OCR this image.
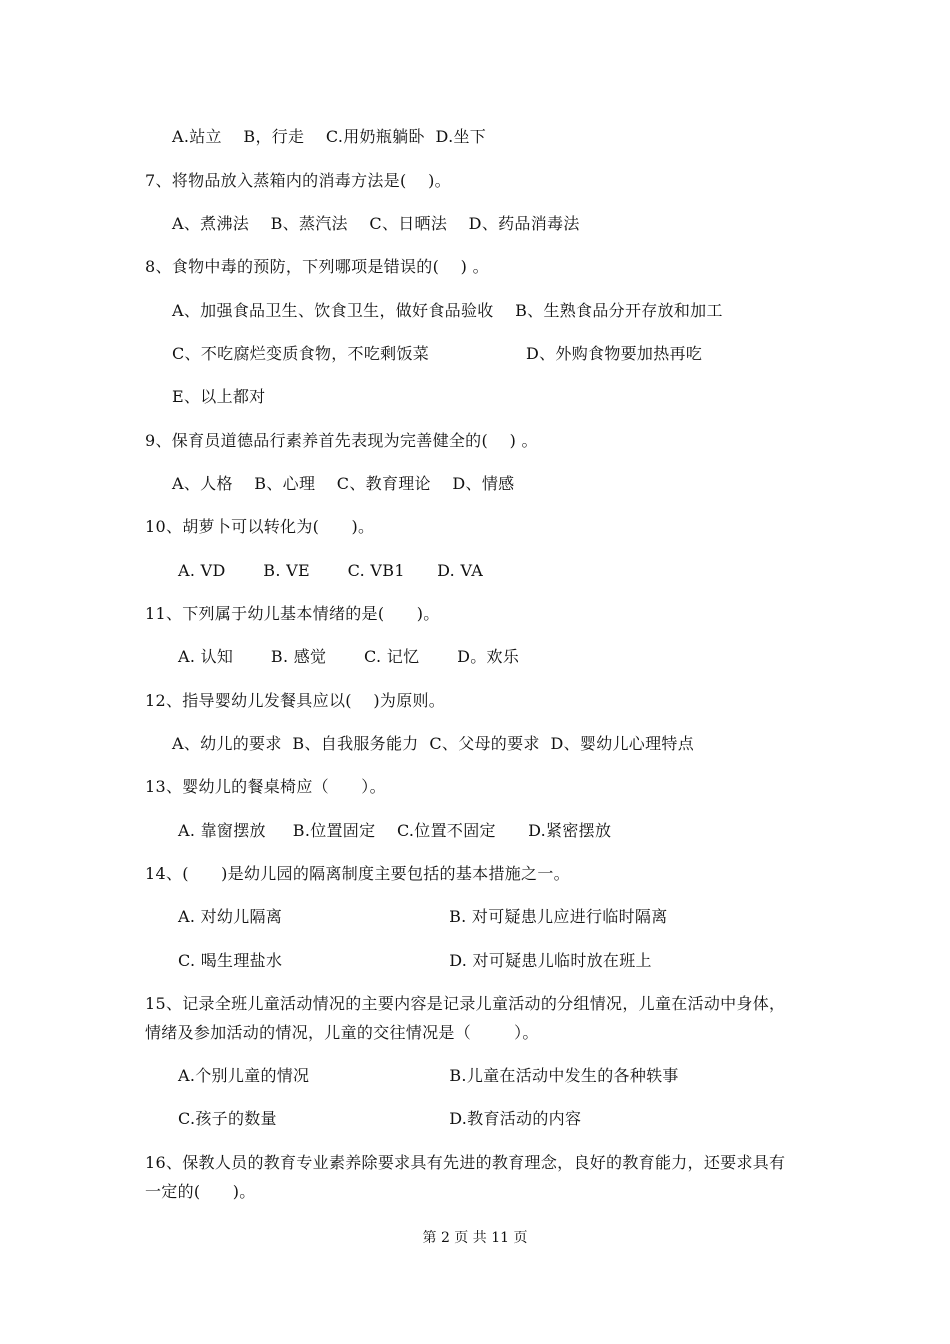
A.站立    B，行走    C.用奶瓶躺卧  D.坐下
7、将物品放入蒸箱内的消毒方法是(    )。
A、煮沸法    B、蒸汽法    C、日晒法    D、药品消毒法
8、食物中毒的预防，下列哪项是错误的(    ) 。
A、加强食品卫生、饮食卫生，做好食品验收    B、生熟食品分开存放和加工
C、不吃腐烂变质食物，不吃剩饭菜                  D、外购食物要加热再吃
E、以上都对
9、保育员道德品行素养首先表现为完善健全的(    ) 。
A、人格    B、心理    C、教育理论    D、情感
10、胡萝卜可以转化为(      )。
A. VD       B. VE       C. VB1      D. VA
11、下列属于幼儿基本情绪的是(      )。
A. 认知       B. 感觉       C. 记忆       D。欢乐
12、指导婴幼儿发餐具应以(    )为原则。
A、幼儿的要求  B、自我服务能力  C、父母的要求  D、婴幼儿心理特点
13、婴幼儿的餐桌椅应（      ）。
A. 靠窗摆放     B.位置固定    C.位置不固定      D.紧密摆放
14、(      )是幼儿园的隔离制度主要包括的基本措施之一。
A. 对幼儿隔离                               B. 对可疑患儿应进行临时隔离
C. 喝生理盐水                               D. 对可疑患儿临时放在班上
15、记录全班儿童活动情况的主要内容是记录儿童活动的分组情况，儿童在活动中身体，
情绪及参加活动的情况，儿童的交往情况是（        ）。
A.个别儿童的情况                          B.儿童在活动中发生的各种轶事
C.孩子的数量                                D.教育活动的内容
16、保教人员的教育专业素养除要求具有先进的教育理念，良好的教育能力，还要求具有
一定的(      )。
第 2 页 共 11 页
